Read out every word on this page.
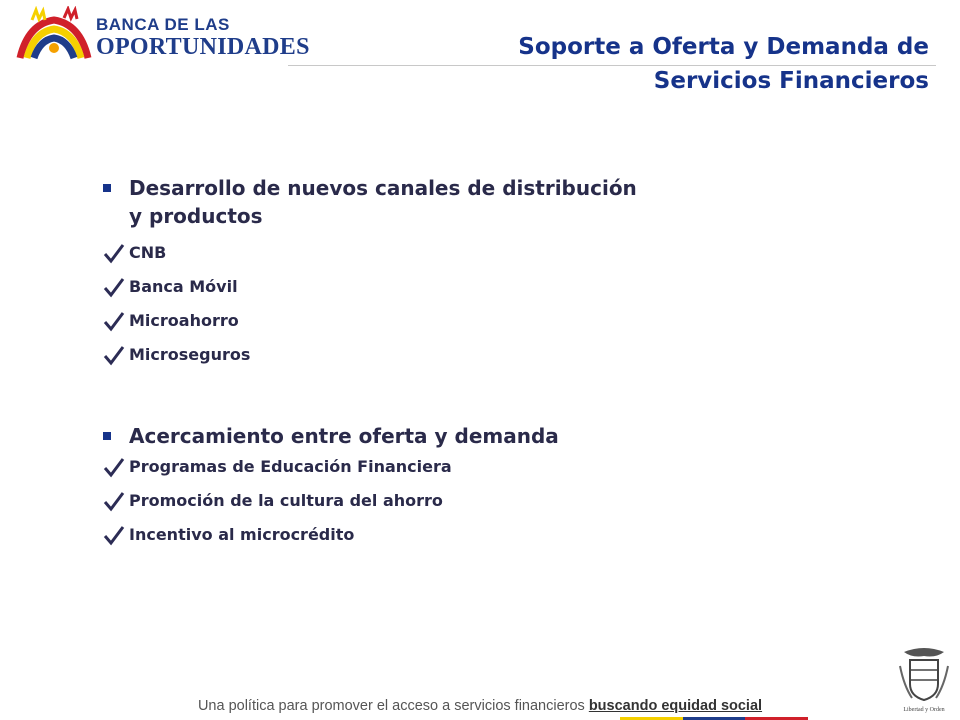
BANCA DE LAS
OPORTUNIDADES	Soporte a Oferta y Demanda de
Servicios Financieros
Desarrollo de nuevos canales de distribución
y productos
CNB
Banca Móvil
Microahorro
Microseguros
Acercamiento entre oferta y demanda
Programas de Educación Financiera
Promoción de la cultura del ahorro
Incentivo al microcrédito
Una política para promover el acceso a servicios financieros buscando equidad social	Libertad y Orden
